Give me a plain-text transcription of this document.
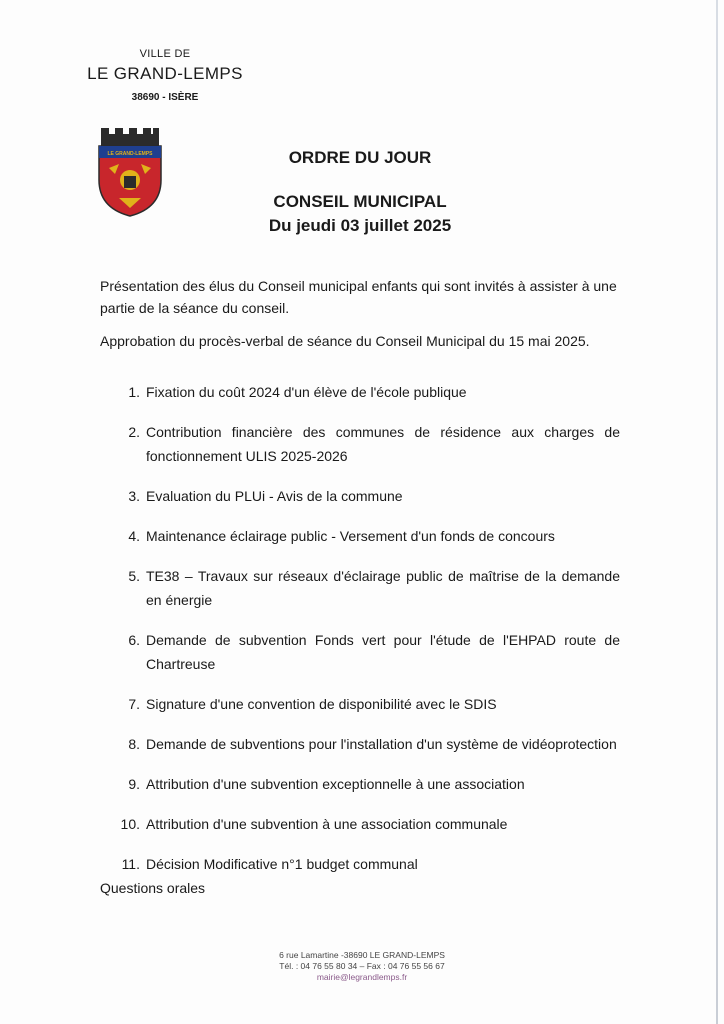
VILLE DE
LE GRAND-LEMPS
38690 - ISÈRE
LE GRAND-LEMPS	ORDRE DU JOUR
CONSEIL MUNICIPAL
Du jeudi 03 juillet 2025
Présentation des élus du Conseil municipal enfants qui sont invités à assister à une partie de la séance du conseil.
Approbation du procès-verbal de séance du Conseil Municipal du 15 mai 2025.
1. Fixation du coût 2024 d'un élève de l'école publique
2. Contribution financière des communes de résidence aux charges de fonctionnement ULIS 2025-2026
3. Evaluation du PLUi - Avis de la commune
4. Maintenance éclairage public - Versement d'un fonds de concours
5. TE38 – Travaux sur réseaux d'éclairage public de maîtrise de la demande en énergie
6. Demande de subvention Fonds vert pour l'étude de l'EHPAD route de Chartreuse
7. Signature d'une convention de disponibilité avec le SDIS
8. Demande de subventions pour l'installation d'un système de vidéoprotection
9. Attribution d'une subvention exceptionnelle à une association
10. Attribution d'une subvention à une association communale
11. Décision Modificative n°1 budget communal
Questions orales
6 rue Lamartine -38690 LE GRAND-LEMPS
Tél. : 04 76 55 80 34 – Fax : 04 76 55 56 67
mairie@legrandlemps.fr
